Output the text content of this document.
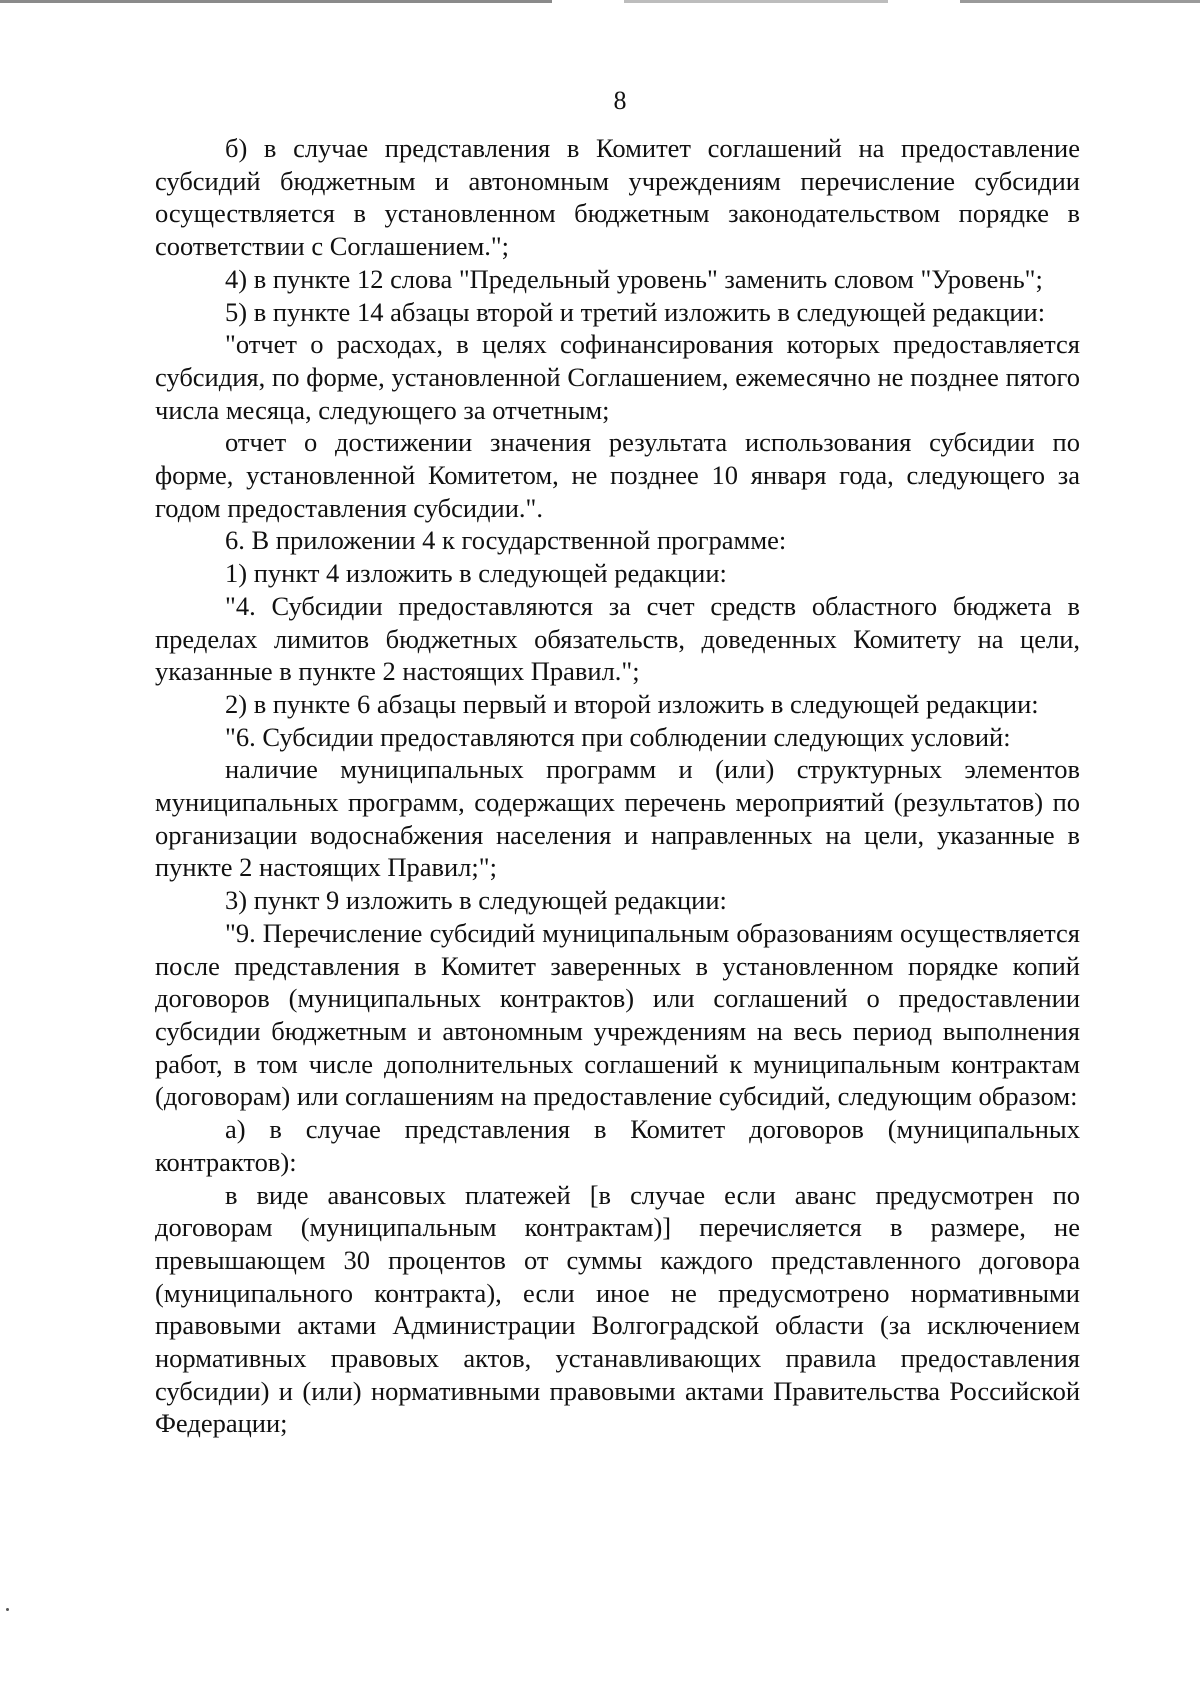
8

б) в случае представления в Комитет соглашений на предоставление субсидий бюджетным и автономным учреждениям перечисление субсидии осуществляется в установленном бюджетным законодательством порядке в соответствии с Соглашением.";

4) в пункте 12 слова "Предельный уровень" заменить словом "Уровень";

5) в пункте 14 абзацы второй и третий изложить в следующей редакции:

"отчет о расходах, в целях софинансирования которых предоставляется субсидия, по форме, установленной Соглашением, ежемесячно не позднее пятого числа месяца, следующего за отчетным;

отчет о достижении значения результата использования субсидии по форме, установленной Комитетом, не позднее 10 января года, следующего за годом предоставления субсидии.".

6. В приложении 4 к государственной программе:

1) пункт 4 изложить в следующей редакции:

"4. Субсидии предоставляются за счет средств областного бюджета в пределах лимитов бюджетных обязательств, доведенных Комитету на цели, указанные в пункте 2 настоящих Правил.";

2) в пункте 6 абзацы первый и второй изложить в следующей редакции:

"6. Субсидии предоставляются при соблюдении следующих условий:

наличие муниципальных программ и (или) структурных элементов муниципальных программ, содержащих перечень мероприятий (результатов) по организации водоснабжения населения и направленных на цели, указанные в пункте 2 настоящих Правил;";

3) пункт 9 изложить в следующей редакции:

"9. Перечисление субсидий муниципальным образованиям осуществляется после представления в Комитет заверенных в установленном порядке копий договоров (муниципальных контрактов) или соглашений о предоставлении субсидии бюджетным и автономным учреждениям на весь период выполнения работ, в том числе дополнительных соглашений к муниципальным контрактам (договорам) или соглашениям на предоставление субсидий, следующим образом:

а) в случае представления в Комитет договоров (муниципальных контрактов):

в виде авансовых платежей [в случае если аванс предусмотрен по договорам (муниципальным контрактам)] перечисляется в размере, не превышающем 30 процентов от суммы каждого представленного договора (муниципального контракта), если иное не предусмотрено нормативными правовыми актами Администрации Волгоградской области (за исключением нормативных правовых актов, устанавливающих правила предоставления субсидии) и (или) нормативными правовыми актами Правительства Российской Федерации;
